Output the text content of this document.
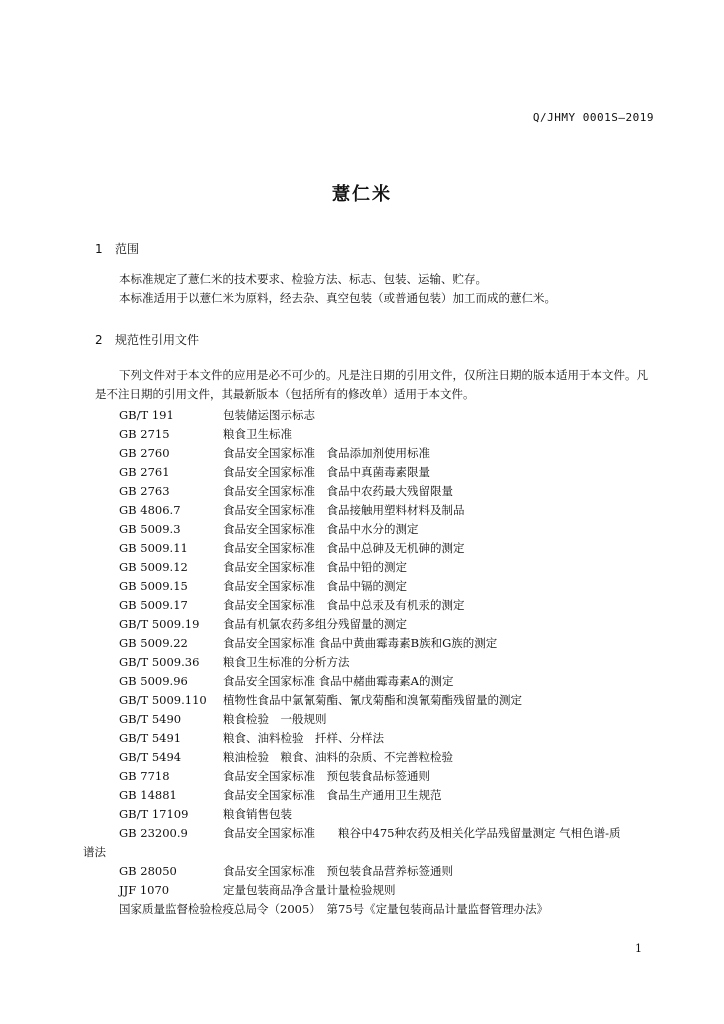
Q/JHMY 0001S—2019
薏仁米
1 范围
本标准规定了薏仁米的技术要求、检验方法、标志、包装、运输、贮存。
本标准适用于以薏仁米为原料，经去杂、真空包装（或普通包装）加工而成的薏仁米。
2 规范性引用文件
下列文件对于本文件的应用是必不可少的。凡是注日期的引用文件，仅所注日期的版本适用于本文件。凡是不注日期的引用文件，其最新版本（包括所有的修改单）适用于本文件。
GB/T 191	包装储运图示标志
GB 2715	粮食卫生标准
GB 2760	食品安全国家标准　食品添加剂使用标准
GB 2761	食品安全国家标准　食品中真菌毒素限量
GB 2763	食品安全国家标准　食品中农药最大残留限量
GB 4806.7	食品安全国家标准　食品接触用塑料材料及制品
GB 5009.3	食品安全国家标准　食品中水分的测定
GB 5009.11	食品安全国家标准　食品中总砷及无机砷的测定
GB 5009.12	食品安全国家标准　食品中铅的测定
GB 5009.15	食品安全国家标准　食品中镉的测定
GB 5009.17	食品安全国家标准　食品中总汞及有机汞的测定
GB/T 5009.19	食品有机氯农药多组分残留量的测定
GB 5009.22	食品安全国家标准 食品中黄曲霉毒素B族和G族的测定
GB/T 5009.36	粮食卫生标准的分析方法
GB 5009.96	食品安全国家标准 食品中赭曲霉毒素A的测定
GB/T 5009.110	植物性食品中氯氰菊酯、氰戊菊酯和溴氰菊酯残留量的测定
GB/T 5490	粮食检验　一般规则
GB/T 5491	粮食、油料检验　扦样、分样法
GB/T 5494	粮油检验　粮食、油料的杂质、不完善粒检验
GB 7718	食品安全国家标准　预包装食品标签通则
GB 14881	食品安全国家标准　食品生产通用卫生规范
GB/T 17109	粮食销售包装
GB 23200.9	食品安全国家标准　　粮谷中475种农药及相关化学品残留量测定 气相色谱-质
谱法
GB 28050	食品安全国家标准　预包装食品营养标签通则
JJF 1070	定量包装商品净含量计量检验规则
国家质量监督检验检疫总局令（2005）　第75号《定量包装商品计量监督管理办法》
1
